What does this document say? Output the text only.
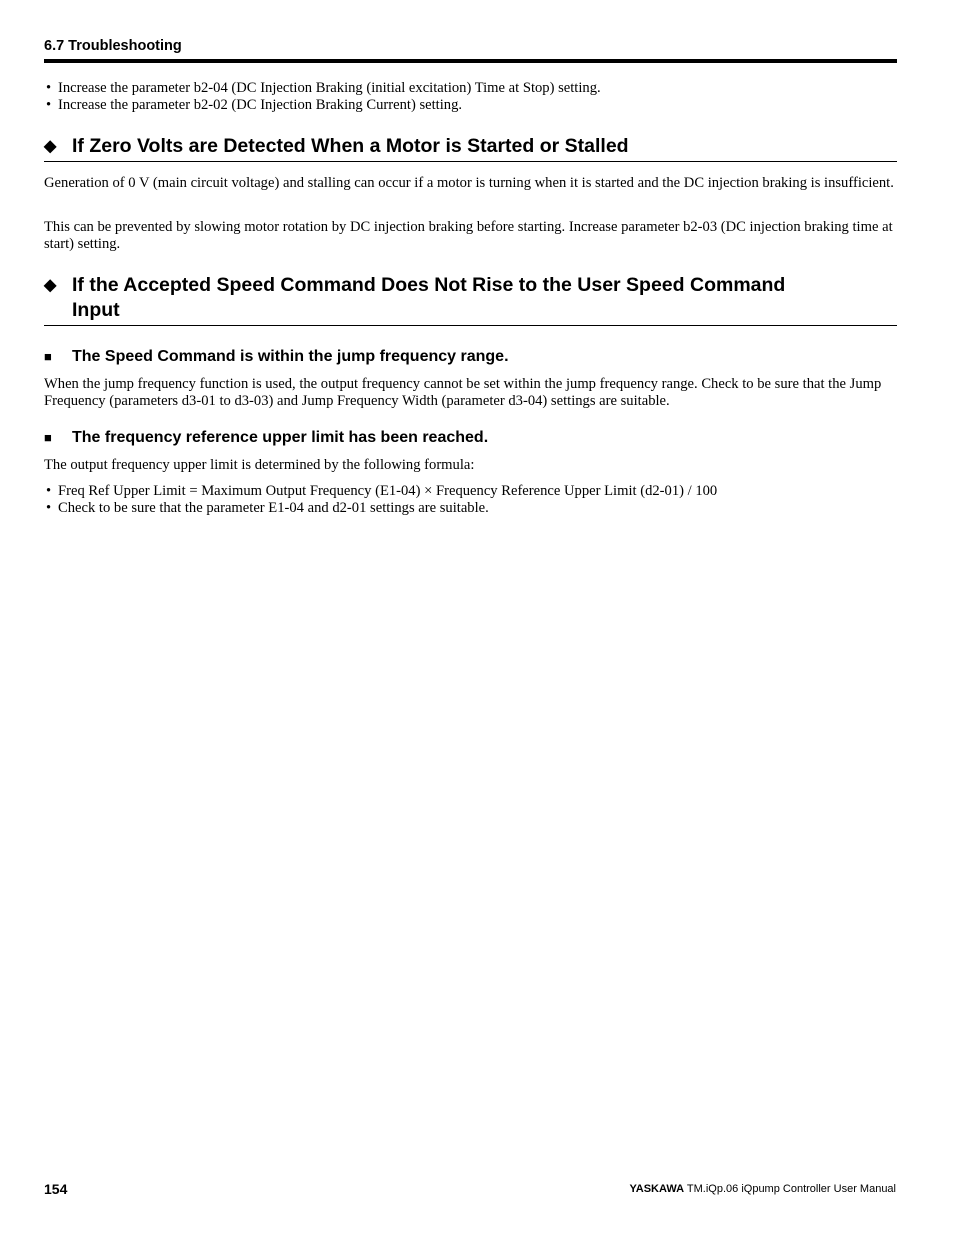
6.7 Troubleshooting
• Increase the parameter b2-04 (DC Injection Braking (initial excitation) Time at Stop) setting.
• Increase the parameter b2-02 (DC Injection Braking Current) setting.
◆ If Zero Volts are Detected When a Motor is Started or Stalled

Generation of 0 V (main circuit voltage) and stalling can occur if a motor is turning when it is started and the DC injection braking is insufficient.

This can be prevented by slowing motor rotation by DC injection braking before starting. Increase parameter b2-03 (DC injection braking time at start) setting.

◆ If the Accepted Speed Command Does Not Rise to the User Speed Command Input
■	The Speed Command is within the jump frequency range.

When the jump frequency function is used, the output frequency cannot be set within the jump frequency range. Check to be sure that the Jump Frequency (parameters d3-01 to d3-03) and Jump Frequency Width (parameter d3-04) settings are suitable.

■	The frequency reference upper limit has been reached.

The output frequency upper limit is determined by the following formula:

• Freq Ref Upper Limit = Maximum Output Frequency (E1-04) × Frequency Reference Upper Limit (d2-01) / 100
• Check to be sure that the parameter E1-04 and d2-01 settings are suitable.
154	YASKAWA TM.iQp.06 iQpump Controller User Manual
